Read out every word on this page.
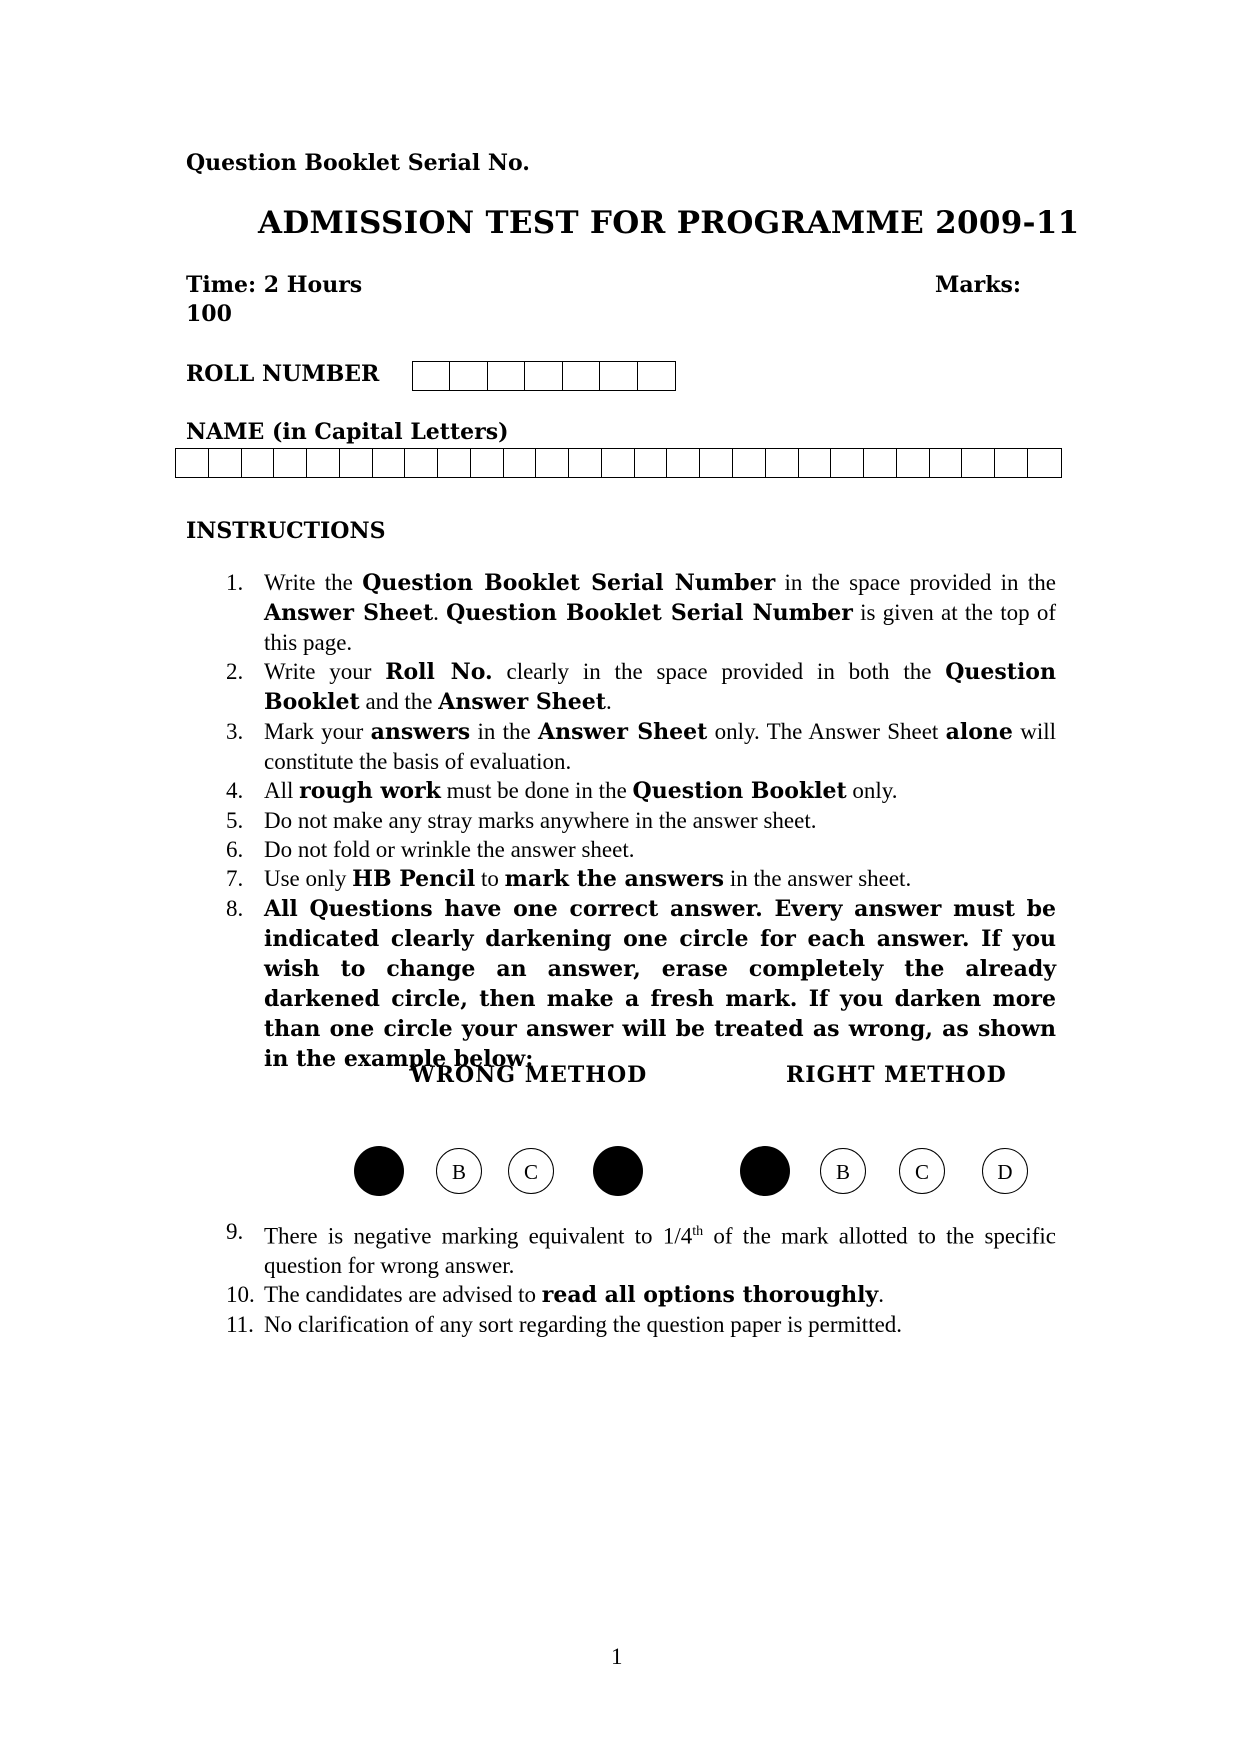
Question Booklet Serial No.
ADMISSION TEST FOR PROGRAMME 2009-11
Time: 2 Hours	Marks:
100
ROLL NUMBER
NAME (in Capital Letters)
INSTRUCTIONS
1. Write the Question Booklet Serial Number in the space provided in the Answer Sheet. Question Booklet Serial Number is given at the top of this page.
2. Write your Roll No. clearly in the space provided in both the Question Booklet and the Answer Sheet.
3. Mark your answers in the Answer Sheet only. The Answer Sheet alone will constitute the basis of evaluation.
4. All rough work must be done in the Question Booklet only.
5. Do not make any stray marks anywhere in the answer sheet.
6. Do not fold or wrinkle the answer sheet.
7. Use only HB Pencil to mark the answers in the answer sheet.
8. All Questions have one correct answer. Every answer must be indicated clearly darkening one circle for each answer. If you wish to change an answer, erase completely the already darkened circle, then make a fresh mark. If you darken more than one circle your answer will be treated as wrong, as shown in the example below:
WRONG METHOD	RIGHT METHOD
B	C	B	C	D
9. There is negative marking equivalent to 1/4th of the mark allotted to the specific question for wrong answer.
10. The candidates are advised to read all options thoroughly.
11. No clarification of any sort regarding the question paper is permitted.
1
